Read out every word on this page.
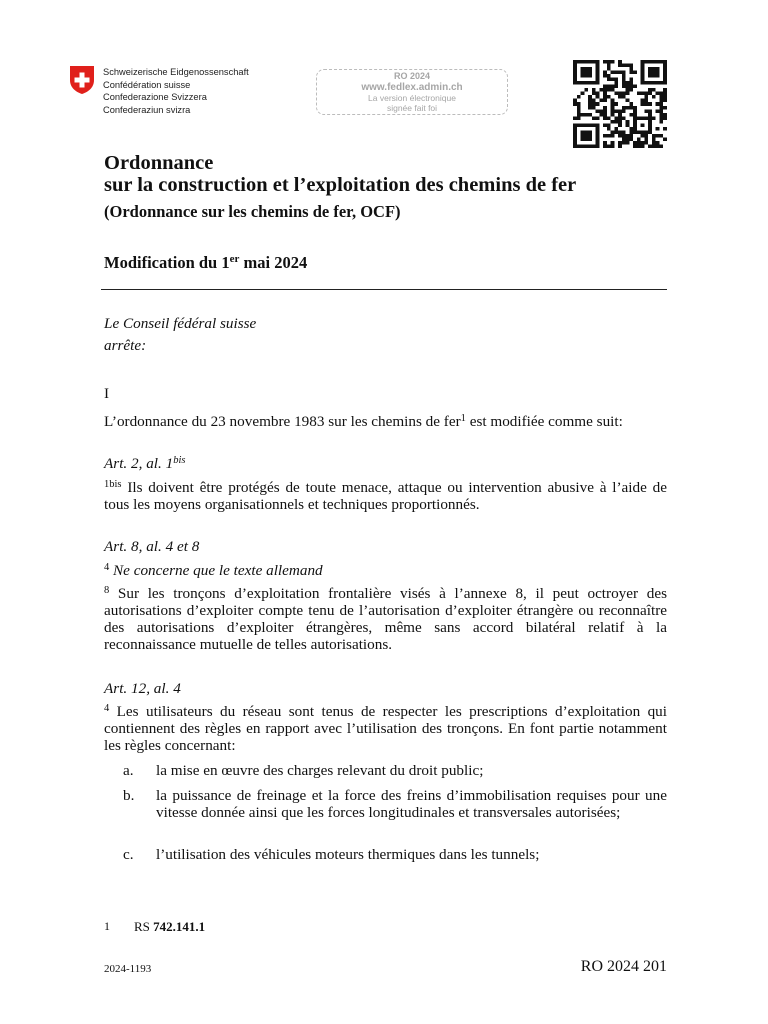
Schweizerische Eidgenossenschaft
Confédération suisse
Confederazione Svizzera
Confederaziun svizra
RO 2024
www.fedlex.admin.ch
La version électronique
signée fait foi
Ordonnance
sur la construction et l’exploitation des chemins de fer
(Ordonnance sur les chemins de fer, OCF)
Modification du 1er mai 2024
Le Conseil fédéral suisse
arrête:
I
L’ordonnance du 23 novembre 1983 sur les chemins de fer$^1$ est modifiée comme suit:
Art. 2, al. $1^{bis}$
$^{1bis}$ Ils doivent être protégés de toute menace, attaque ou intervention abusive à l’aide de tous les moyens organisationnels et techniques proportionnés.
Art. 8, al. 4 et 8
$^4$ Ne concerne que le texte allemand
$^8$ Sur les tronçons d’exploitation frontalière visés à l’annexe 8, il peut octroyer des autorisations d’exploiter compte tenu de l’autorisation d’exploiter étrangère ou reconnaître des autorisations d’exploiter étrangères, même sans accord bilatéral relatif à la reconnaissance mutuelle de telles autorisations.
Art. 12, al. 4
$^4$ Les utilisateurs du réseau sont tenus de respecter les prescriptions d’exploitation qui contiennent des règles en rapport avec l’utilisation des tronçons. En font partie notamment les règles concernant:
a. la mise en œuvre des charges relevant du droit public;
b. la puissance de freinage et la force des freins d’immobilisation requises pour une vitesse donnée ainsi que les forces longitudinales et transversales autorisées;
c. l’utilisation des véhicules moteurs thermiques dans les tunnels;
1 RS 742.141.1
2024-1193	RO 2024 201
